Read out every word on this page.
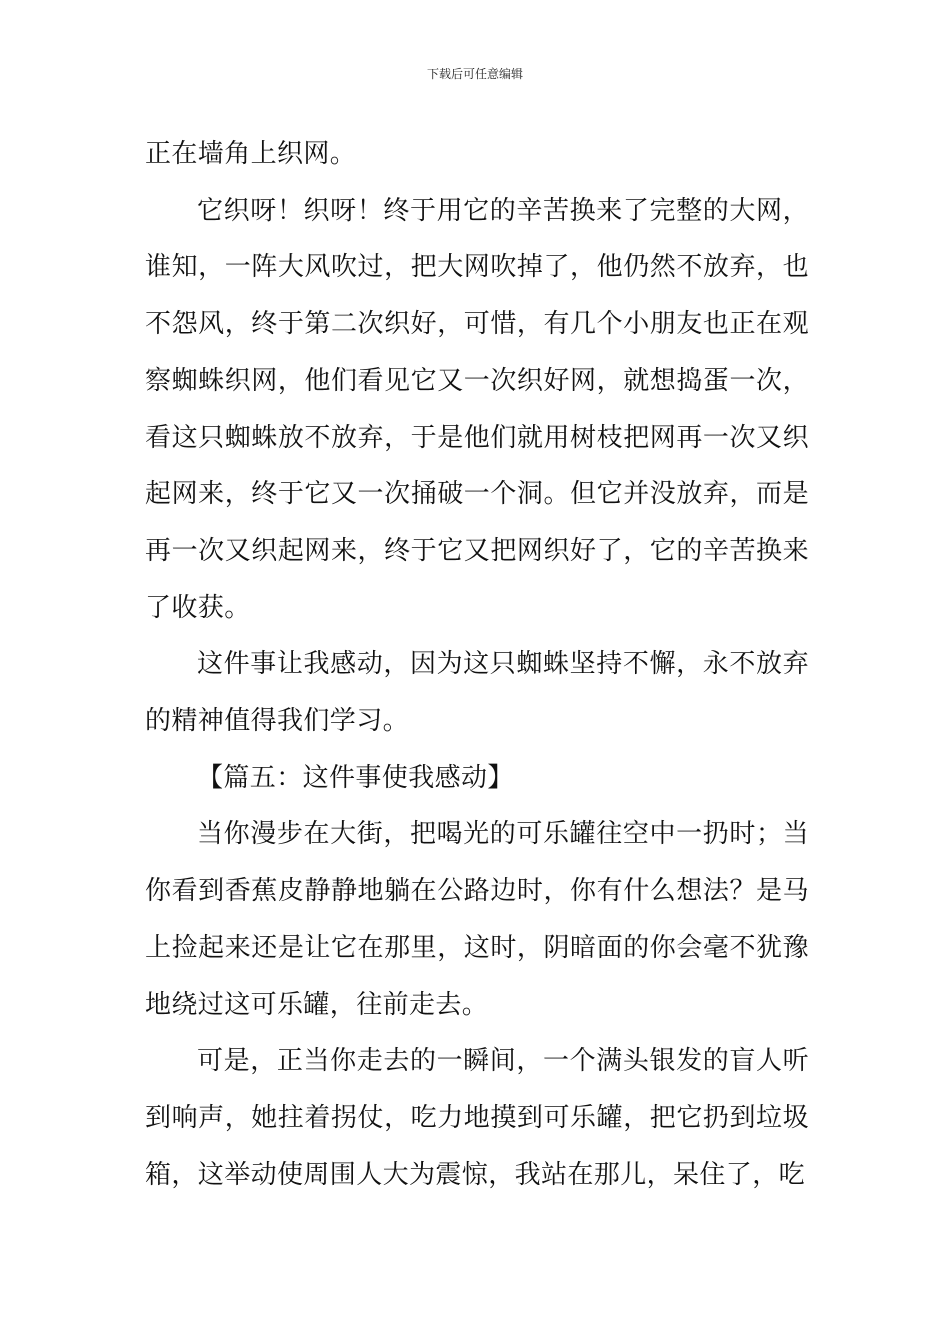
下载后可任意编辑

正在墙角上织网。

它织呀！织呀！终于用它的辛苦换来了完整的大网，谁知，一阵大风吹过，把大网吹掉了，他仍然不放弃，也不怨风，终于第二次织好，可惜，有几个小朋友也正在观察蜘蛛织网，他们看见它又一次织好网，就想捣蛋一次，看这只蜘蛛放不放弃，于是他们就用树枝把网再一次又织起网来，终于它又一次捅破一个洞。但它并没放弃，而是再一次又织起网来，终于它又把网织好了，它的辛苦换来了收获。

这件事让我感动，因为这只蜘蛛坚持不懈，永不放弃的精神值得我们学习。

【篇五：这件事使我感动】

当你漫步在大街，把喝光的可乐罐往空中一扔时；当你看到香蕉皮静静地躺在公路边时，你有什么想法？是马上捡起来还是让它在那里，这时，阴暗面的你会毫不犹豫地绕过这可乐罐，往前走去。

可是，正当你走去的一瞬间，一个满头银发的盲人听到响声，她拄着拐仗，吃力地摸到可乐罐，把它扔到垃圾箱，这举动使周围人大为震惊，我站在那儿，呆住了，吃
